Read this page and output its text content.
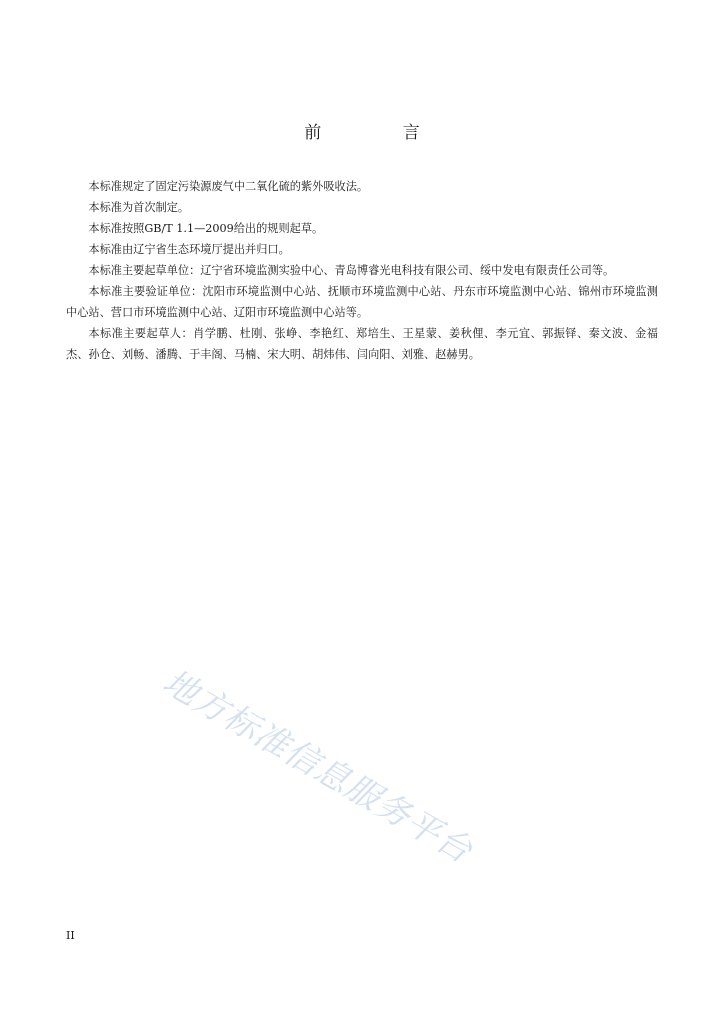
前 言

本标准规定了固定污染源废气中二氧化硫的紫外吸收法。

本标准为首次制定。

本标准按照GB/T 1.1—2009给出的规则起草。

本标准由辽宁省生态环境厅提出并归口。

本标准主要起草单位：辽宁省环境监测实验中心、青岛博睿光电科技有限公司、绥中发电有限责任公司等。

本标准主要验证单位：沈阳市环境监测中心站、抚顺市环境监测中心站、丹东市环境监测中心站、锦州市环境监测中心站、营口市环境监测中心站、辽阳市环境监测中心站等。

本标准主要起草人：肖学鹏、杜刚、张峥、李艳红、郑培生、王星蒙、姜秋俚、李元宜、郭振铎、秦文波、金福杰、孙仓、刘畅、潘腾、于丰阁、马楠、宋大明、胡炜伟、闫向阳、刘雅、赵赫男。

地方标准信息服务平台
II
